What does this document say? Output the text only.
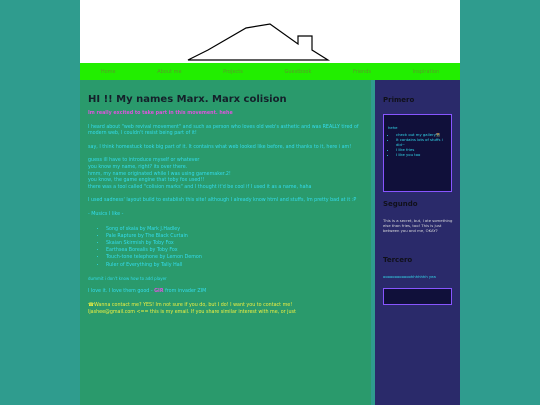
Home	About me	Projects	Guestbook	Friends	Inspiration
HI !! My names Marx. Marx colision
Im really excited to take part in this movement. hehe
I heard about "web revival movement" and such as person who loves old web's asthetic and was REALLY tired of modern web, I couldn't resist being part of it!
say, I think homestuck took big part of it. It contains what web looked like before, and thanks to it, here i am!
guess ill have to introduce myself or whatever
you know my name, right? its over there.
hmm, my name originated while I was using gamemaker.2!
you know, the game engine that toby fox used!!
there was a tool called "colision marks" and I thought it'd be cool if I used it as a name, haha
I used sadness' layout build to establish this site! although I already know html and stuffs, Im pretty bad at it :P
- Musics I like -
• Song of skaia by Mark J.Hadley
• Pale Rapture by The Black Curtain
• Skaian Skirmish by Toby Fox
• Earthsea Borealis by Toby Fox
• Touch-tone telephone by Lemon Demon
• Ruler of Everything by Tally Hall
dummit i don't know how to add player
I love it. I love them good - GIR from invader ZIM
☎Wanna contact me? YES! Im not sure if you do, but I do! I want you to contact me!
ljashee@gmail.com <== this is my email. If you share similar interest with me, or just
Primero
hehe
• check out my gallery📸
• It contains lots of stuffs i did~
• I like fries
• I like you too
Segundo
This is a secret, but, I ate something else than fries, too! This is just between you and me, OKAY?
Tercero
oooooooooooohhhhhhh yea
